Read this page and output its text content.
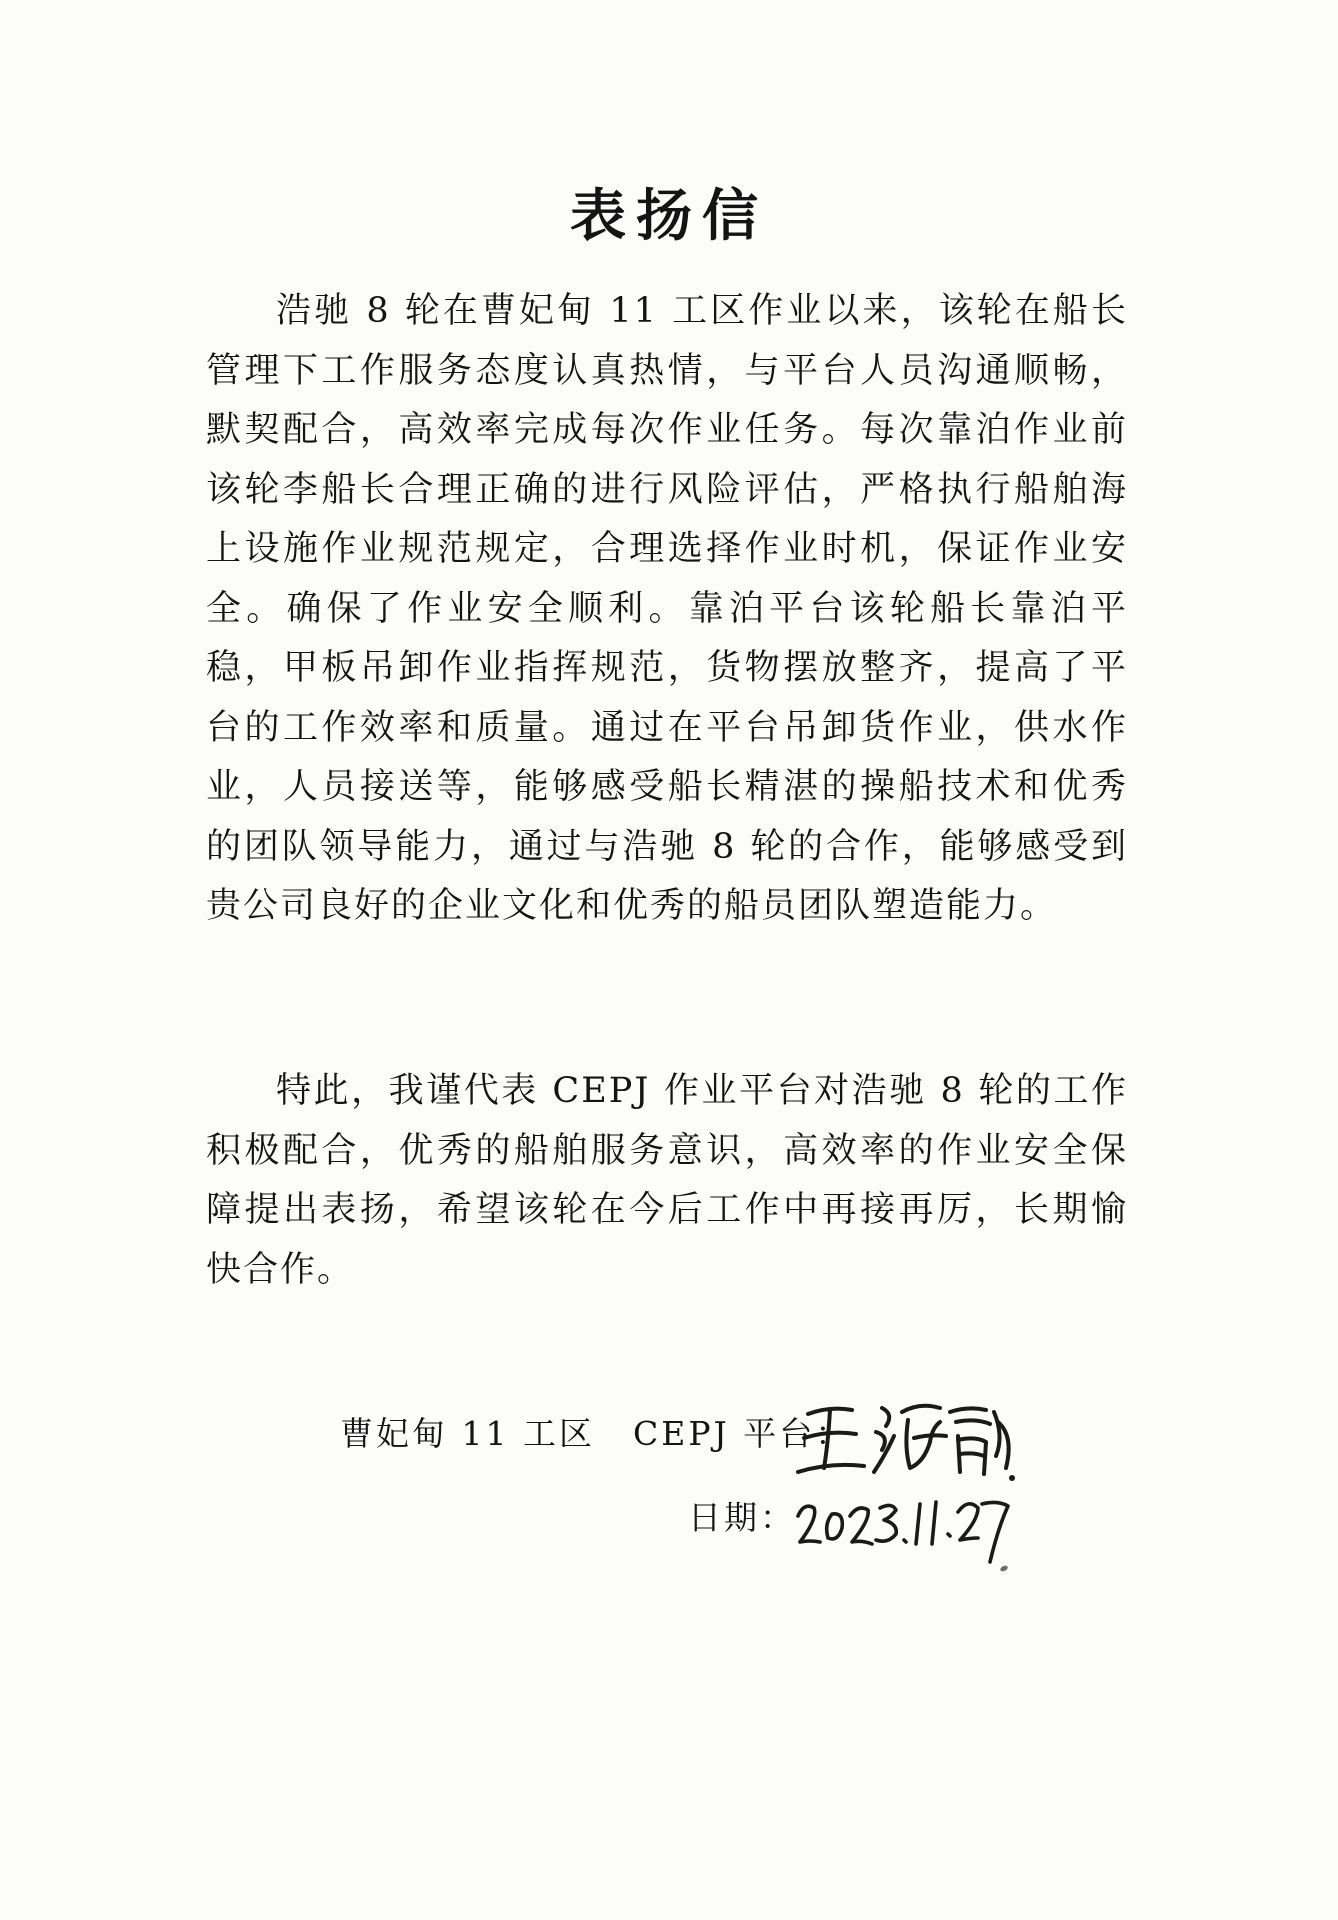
表扬信

浩驰 8 轮在曹妃甸 11 工区作业以来，该轮在船长管理下工作服务态度认真热情，与平台人员沟通顺畅，默契配合，高效率完成每次作业任务。每次靠泊作业前该轮李船长合理正确的进行风险评估，严格执行船舶海上设施作业规范规定，合理选择作业时机，保证作业安全。确保了作业安全顺利。靠泊平台该轮船长靠泊平稳，甲板吊卸作业指挥规范，货物摆放整齐，提高了平台的工作效率和质量。通过在平台吊卸货作业，供水作业，人员接送等，能够感受船长精湛的操船技术和优秀的团队领导能力，通过与浩驰 8 轮的合作，能够感受到贵公司良好的企业文化和优秀的船员团队塑造能力。

特此，我谨代表 CEPJ 作业平台对浩驰 8 轮的工作积极配合，优秀的船舶服务意识，高效率的作业安全保障提出表扬，希望该轮在今后工作中再接再厉，长期愉快合作。

曹妃甸 11 工区 CEPJ 平台：
日期：
